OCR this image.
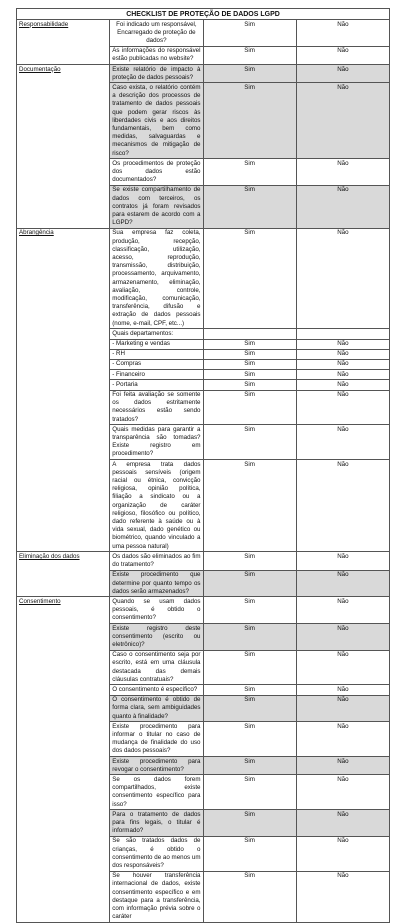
CHECKLIST DE PROTEÇÃO DE DADOS LGPD			
Responsabilidade	Foi indicado um responsável, Encarregado de proteção de dados?	Sim	Não
	As informações do responsável estão publicadas no website?	Sim	Não
Documentação	Existe relatório de impacto à proteção de dados pessoais?	Sim	Não
	Caso exista, o relatório contém a descrição dos processos de tratamento de dados pessoais que podem gerar riscos às liberdades civis e aos direitos fundamentais, bem como medidas, salvaguardas e mecanismos de mitigação de risco?	Sim	Não
	Os procedimentos de proteção dos dados estão documentados?	Sim	Não
	Se existe compartilhamento de dados com terceiros, os contratos já foram revisados para estarem de acordo com a LGPD?	Sim	Não
Abrangência	Sua empresa faz coleta, produção, recepção, classificação, utilização, acesso, reprodução, transmissão, distribuição, processamento, arquivamento, armazenamento, eliminação, avaliação, controle, modificação, comunicação, transferência, difusão e extração de dados pessoais (nome, e-mail, CPF, etc...)	Sim	Não
	Quais departamentos:		
	- Marketing e vendas	Sim	Não
	- RH	Sim	Não
	- Compras	Sim	Não
	- Financeiro	Sim	Não
	- Portaria	Sim	Não
	Foi feita avaliação se somente os dados estritamente necessários estão sendo tratados?	Sim	Não
	Quais medidas para garantir a transparência são tomadas? Existe registro em procedimento?	Sim	Não
	A empresa trata dados pessoais sensíveis (origem racial ou étnica, convicção religiosa, opinião política, filiação a sindicato ou a organização de caráter religioso, filosófico ou político, dado referente à saúde ou à vida sexual, dado genético ou biométrico, quando vinculado a uma pessoa natural)	Sim	Não
Eliminação dos dados	Os dados são eliminados ao fim do tratamento?	Sim	Não
	Existe procedimento que determine por quanto tempo os dados serão armazenados?	Sim	Não
Consentimento	Quando se usam dados pessoais, é obtido o consentimento?	Sim	Não
	Existe registro deste consentimento (escrito ou eletrônico)?	Sim	Não
	Caso o consentimento seja por escrito, está em uma cláusula destacada das demais cláusulas contratuais?	Sim	Não
	O consentimento é específico?	Sim	Não
	O consentimento é obtido de forma clara, sem ambiguidades quanto à finalidade?	Sim	Não
	Existe procedimento para informar o titular no caso de mudança de finalidade do uso dos dados pessoais?	Sim	Não
	Existe procedimento para revogar o consentimento?	Sim	Não
	Se os dados forem compartilhados, existe consentimento específico para isso?	Sim	Não
	Para o tratamento de dados para fins legais, o titular é informado?	Sim	Não
	Se são tratados dados de crianças, é obtido o consentimento de ao menos um dos responsáveis?	Sim	Não
	Se houver transferência internacional de dados, existe consentimento específico e em destaque para a transferência, com informação prévia sobre o caráter	Sim	Não
